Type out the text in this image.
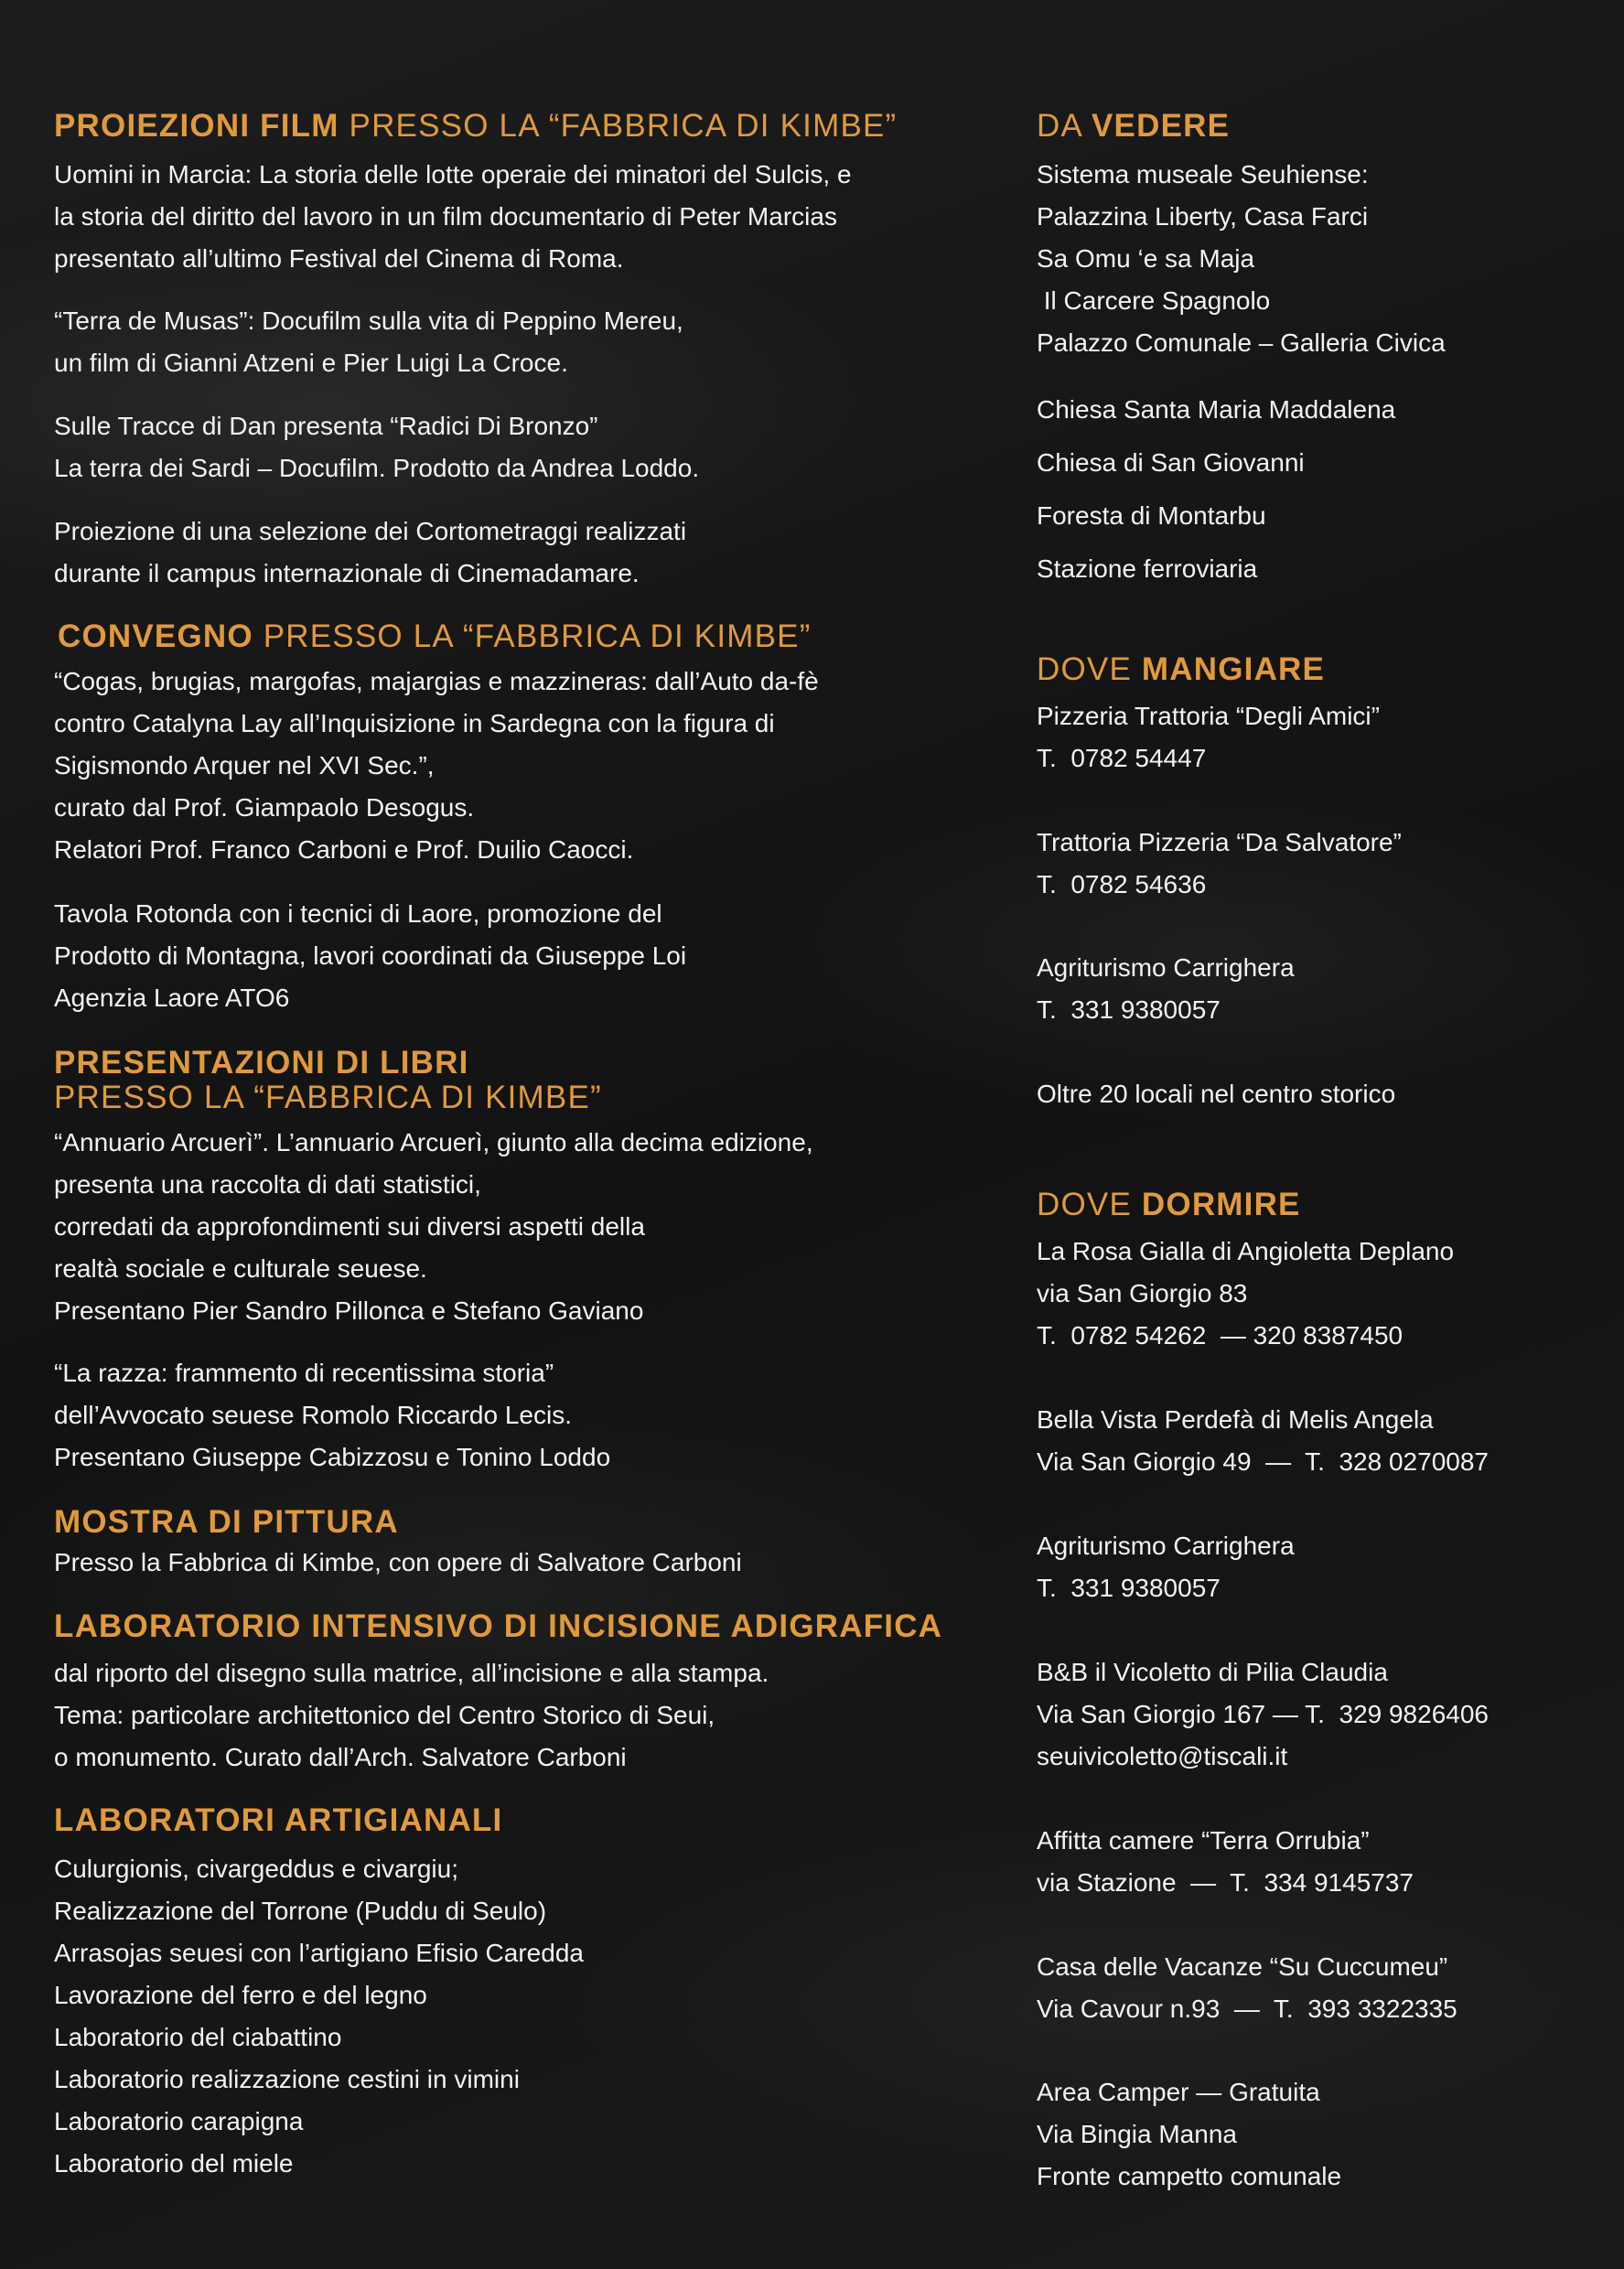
PROIEZIONI FILM PRESSO LA “FABBRICA DI KIMBE”
Uomini in Marcia: La storia delle lotte operaie dei minatori del Sulcis, e
la storia del diritto del lavoro in un film documentario di Peter Marcias
presentato all’ultimo Festival del Cinema di Roma.
“Terra de Musas”: Docufilm sulla vita di Peppino Mereu,
un film di Gianni Atzeni e Pier Luigi La Croce.
Sulle Tracce di Dan presenta “Radici Di Bronzo”
La terra dei Sardi – Docufilm. Prodotto da Andrea Loddo.
Proiezione di una selezione dei Cortometraggi realizzati
durante il campus internazionale di Cinemadamare.
CONVEGNO PRESSO LA “FABBRICA DI KIMBE”
“Cogas, brugias, margofas, majargias e mazzineras: dall’Auto da-fè
contro Catalyna Lay all’Inquisizione in Sardegna con la figura di
Sigismondo Arquer nel XVI Sec.”,
curato dal Prof. Giampaolo Desogus.
Relatori Prof. Franco Carboni e Prof. Duilio Caocci.
Tavola Rotonda con i tecnici di Laore, promozione del
Prodotto di Montagna, lavori coordinati da Giuseppe Loi
Agenzia Laore ATO6
PRESENTAZIONI DI LIBRI
PRESSO LA “FABBRICA DI KIMBE”
“Annuario Arcuerì”. L’annuario Arcuerì, giunto alla decima edizione,
presenta una raccolta di dati statistici,
corredati da approfondimenti sui diversi aspetti della
realtà sociale e culturale seuese.
Presentano Pier Sandro Pillonca e Stefano Gaviano
“La razza: frammento di recentissima storia”
dell’Avvocato seuese Romolo Riccardo Lecis.
Presentano Giuseppe Cabizzosu e Tonino Loddo
MOSTRA DI PITTURA
Presso la Fabbrica di Kimbe, con opere di Salvatore Carboni
LABORATORIO INTENSIVO DI INCISIONE ADIGRAFICA
dal riporto del disegno sulla matrice, all’incisione e alla stampa.
Tema: particolare architettonico del Centro Storico di Seui,
o monumento. Curato dall’Arch. Salvatore Carboni
LABORATORI ARTIGIANALI
Culurgionis, civargeddus e civargiu;
Realizzazione del Torrone (Puddu di Seulo)
Arrasojas seuesi con l’artigiano Efisio Caredda
Lavorazione del ferro e del legno
Laboratorio del ciabattino
Laboratorio realizzazione cestini in vimini
Laboratorio carapigna
Laboratorio del miele
DA VEDERE
Sistema museale Seuhiense:
Palazzina Liberty, Casa Farci
Sa Omu ‘e sa Maja
Il Carcere Spagnolo
Palazzo Comunale – Galleria Civica
Chiesa Santa Maria Maddalena
Chiesa di San Giovanni
Foresta di Montarbu
Stazione ferroviaria
DOVE MANGIARE
Pizzeria Trattoria “Degli Amici”
T.  0782 54447
Trattoria Pizzeria “Da Salvatore”
T.  0782 54636
Agriturismo Carrighera
T.  331 9380057
Oltre 20 locali nel centro storico
DOVE DORMIRE
La Rosa Gialla di Angioletta Deplano
via San Giorgio 83
T.  0782 54262  — 320 8387450
Bella Vista Perdefà di Melis Angela
Via San Giorgio 49  —  T.  328 0270087
Agriturismo Carrighera
T.  331 9380057
B&B il Vicoletto di Pilia Claudia
Via San Giorgio 167 — T.  329 9826406
seuivicoletto@tiscali.it
Affitta camere “Terra Orrubia”
via Stazione  —  T.  334 9145737
Casa delle Vacanze “Su Cuccumeu”
Via Cavour n.93  —  T.  393 3322335
Area Camper — Gratuita
Via Bingia Manna
Fronte campetto comunale
